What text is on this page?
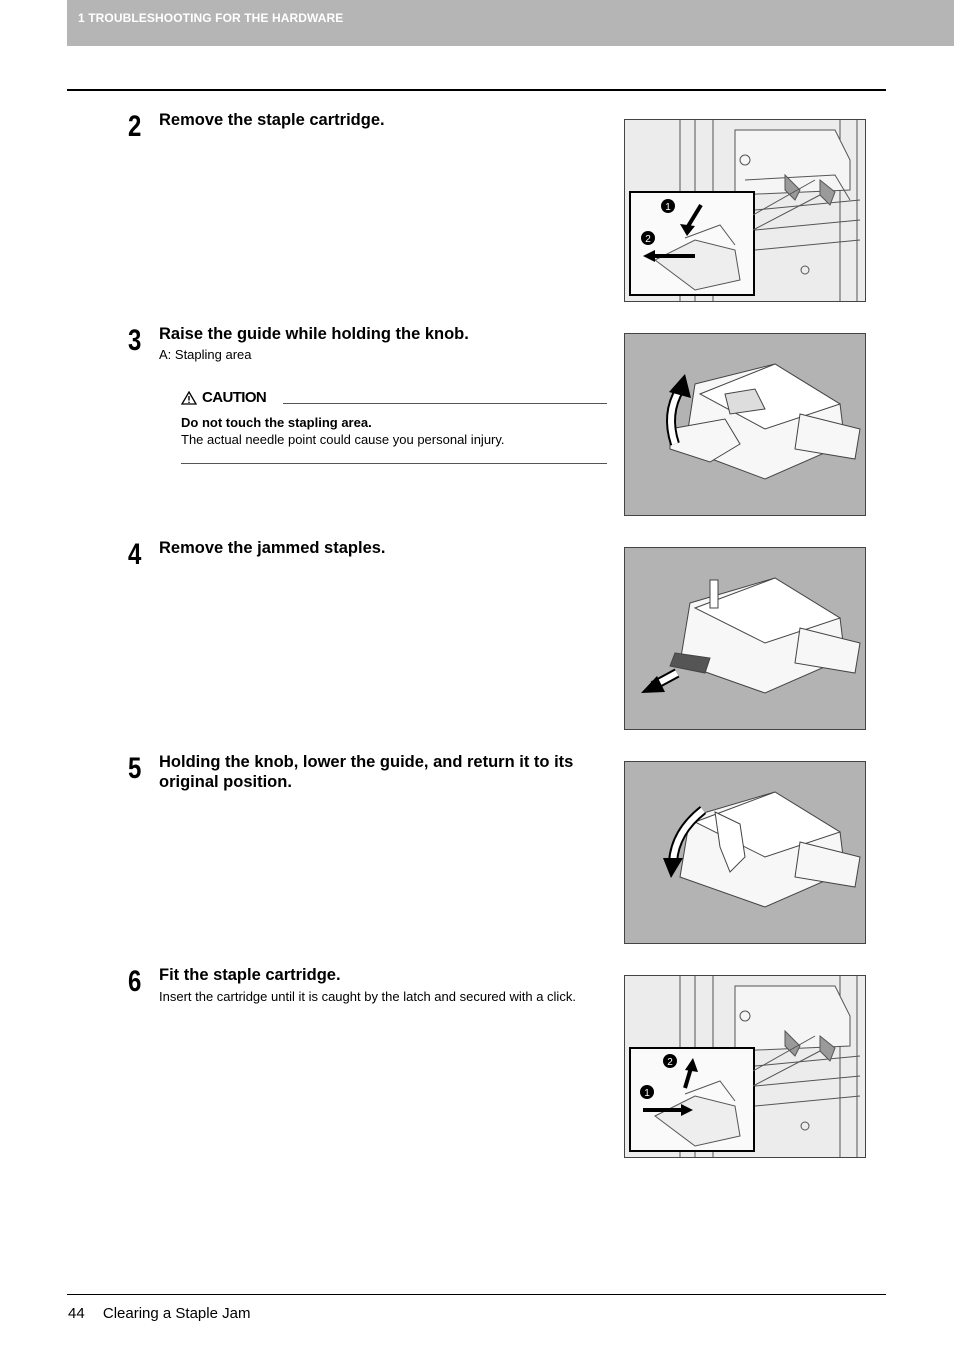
1 TROUBLESHOOTING FOR THE HARDWARE
2 Remove the staple cartridge.
1
2
3 Raise the guide while holding the knob.
A: Stapling area
CAUTION
Do not touch the stapling area.
The actual needle point could cause you personal injury.
4 Remove the jammed staples.
5 Holding the knob, lower the guide, and return it to its original position.
6 Fit the staple cartridge.
Insert the cartridge until it is caught by the latch and secured with a click.
1
2
44 Clearing a Staple Jam
